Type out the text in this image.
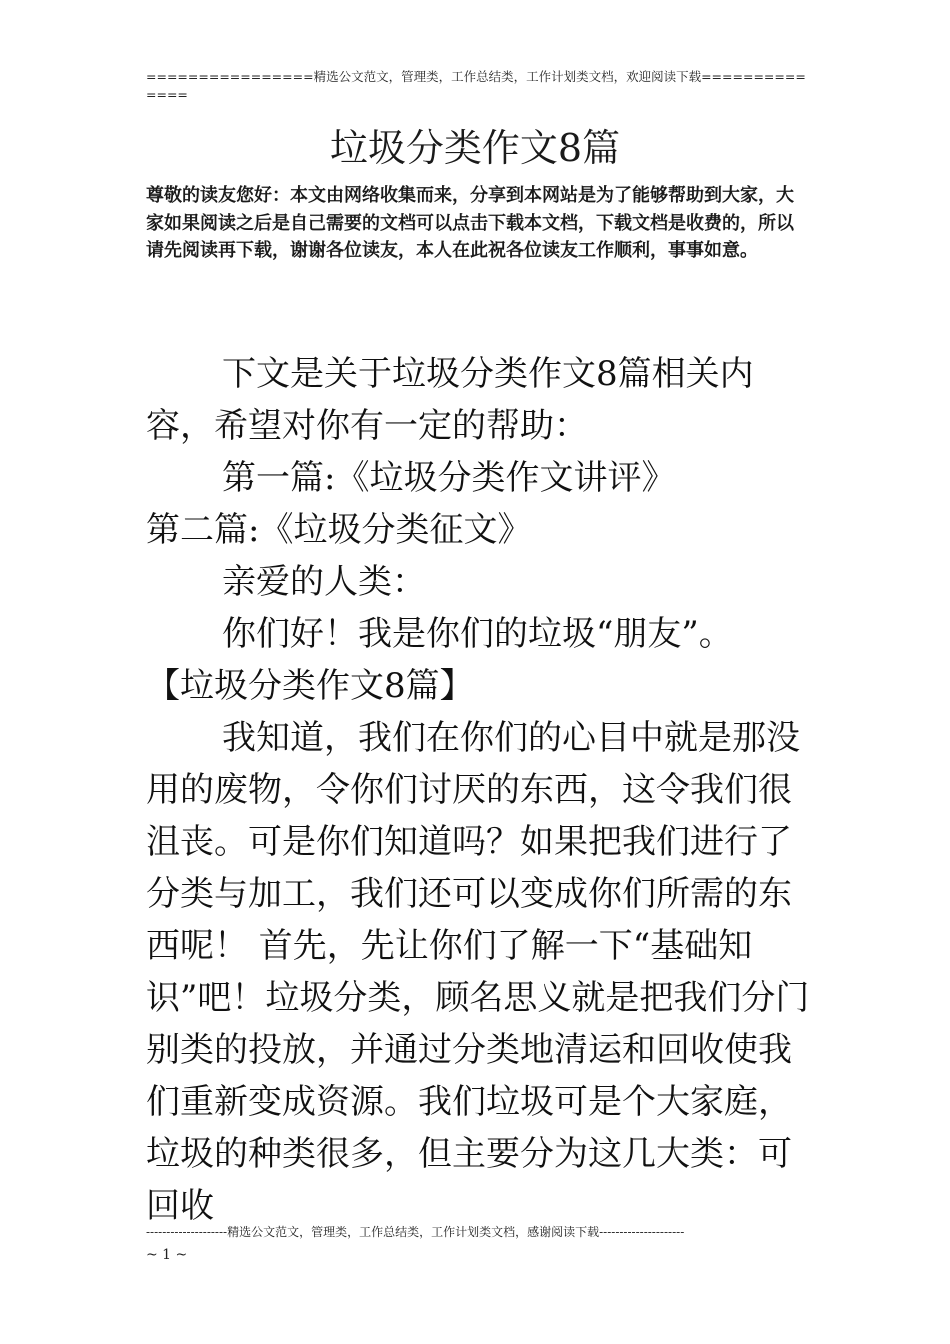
================精选公文范文，管理类，工作总结类，工作计划类文档，欢迎阅读下载==============
垃圾分类作文8篇
尊敬的读友您好：本文由网络收集而来，分享到本网站是为了能够帮助到大家，大家如果阅读之后是自己需要的文档可以点击下载本文档，下载文档是收费的，所以请先阅读再下载，谢谢各位读友，本人在此祝各位读友工作顺利，事事如意。

下文是关于垃圾分类作文8篇相关内容，希望对你有一定的帮助：

第一篇:《垃圾分类作文讲评》

第二篇:《垃圾分类征文》

亲爱的人类：

你们好！我是你们的垃圾“朋友”。

【垃圾分类作文8篇】

我知道，我们在你们的心目中就是那没用的废物，令你们讨厌的东西，这令我们很沮丧。可是你们知道吗？如果把我们进行了分类与加工，我们还可以变成你们所需的东西呢！ 首先，先让你们了解一下“基础知识”吧！垃圾分类，顾名思义就是把我们分门别类的投放，并通过分类地清运和回收使我们重新变成资源。我们垃圾可是个大家庭，垃圾的种类很多，但主要分为这几大类：可回收

--------------------精选公文范文，管理类，工作总结类，工作计划类文档，感谢阅读下载---------------------
~ 1 ~
